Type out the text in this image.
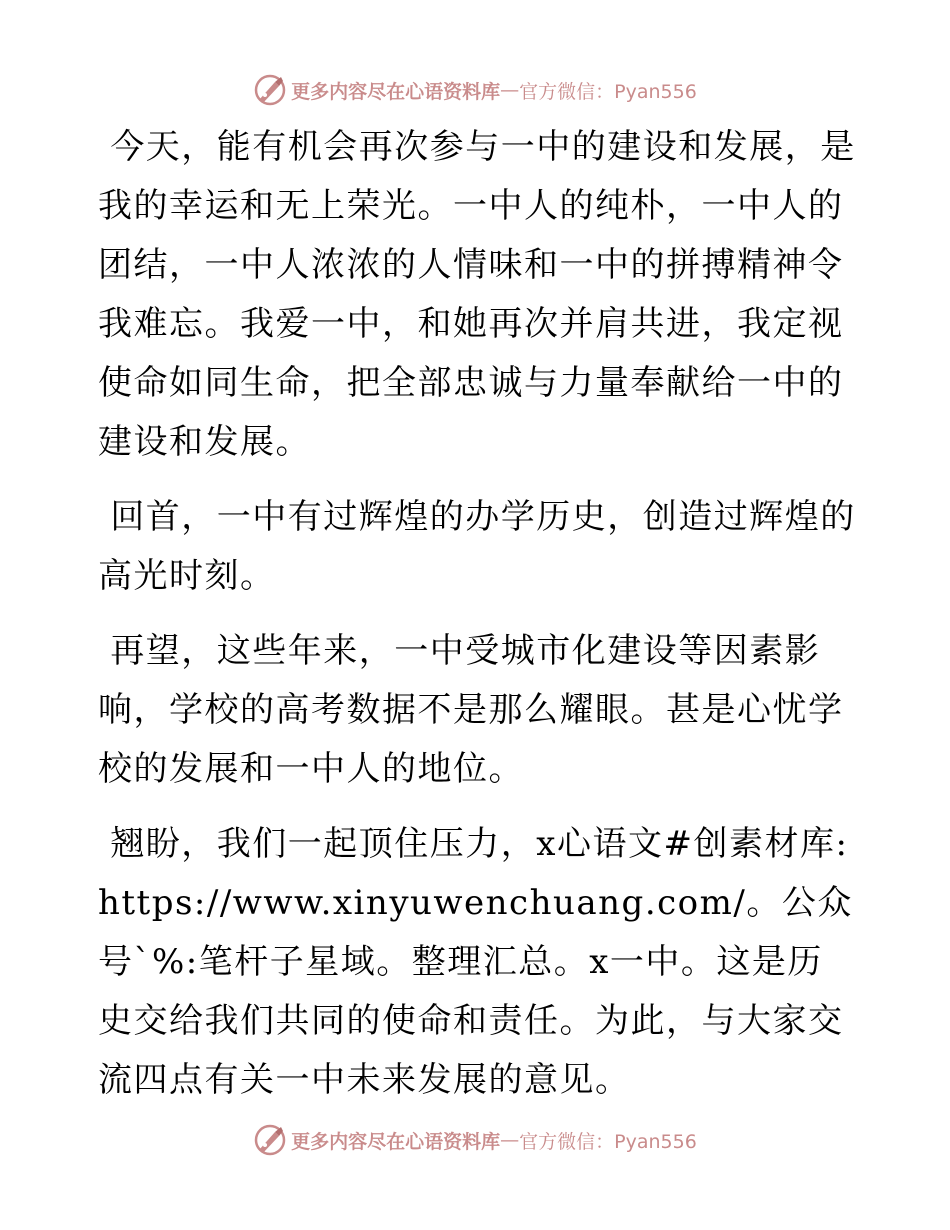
更多内容尽在心语资料库 — 官方微信：Pyan556

今天，能有机会再次参与一中的建设和发展，是我的幸运和无上荣光。一中人的纯朴，一中人的团结，一中人浓浓的人情味和一中的拼搏精神令我难忘。我爱一中，和她再次并肩共进，我定视使命如同生命，把全部忠诚与力量奉献给一中的建设和发展。

回首，一中有过辉煌的办学历史，创造过辉煌的高光时刻。

再望，这些年来，一中受城市化建设等因素影响，学校的高考数据不是那么耀眼。甚是心忧学校的发展和一中人的地位。

翘盼，我们一起顶住压力，x心语文#创素材库:https://www.xinyuwenchuang.com/。公众号`%:笔杆子星域。整理汇总。x一中。这是历史交给我们共同的使命和责任。为此，与大家交流四点有关一中未来发展的意见。

更多内容尽在心语资料库 — 官方微信：Pyan556
